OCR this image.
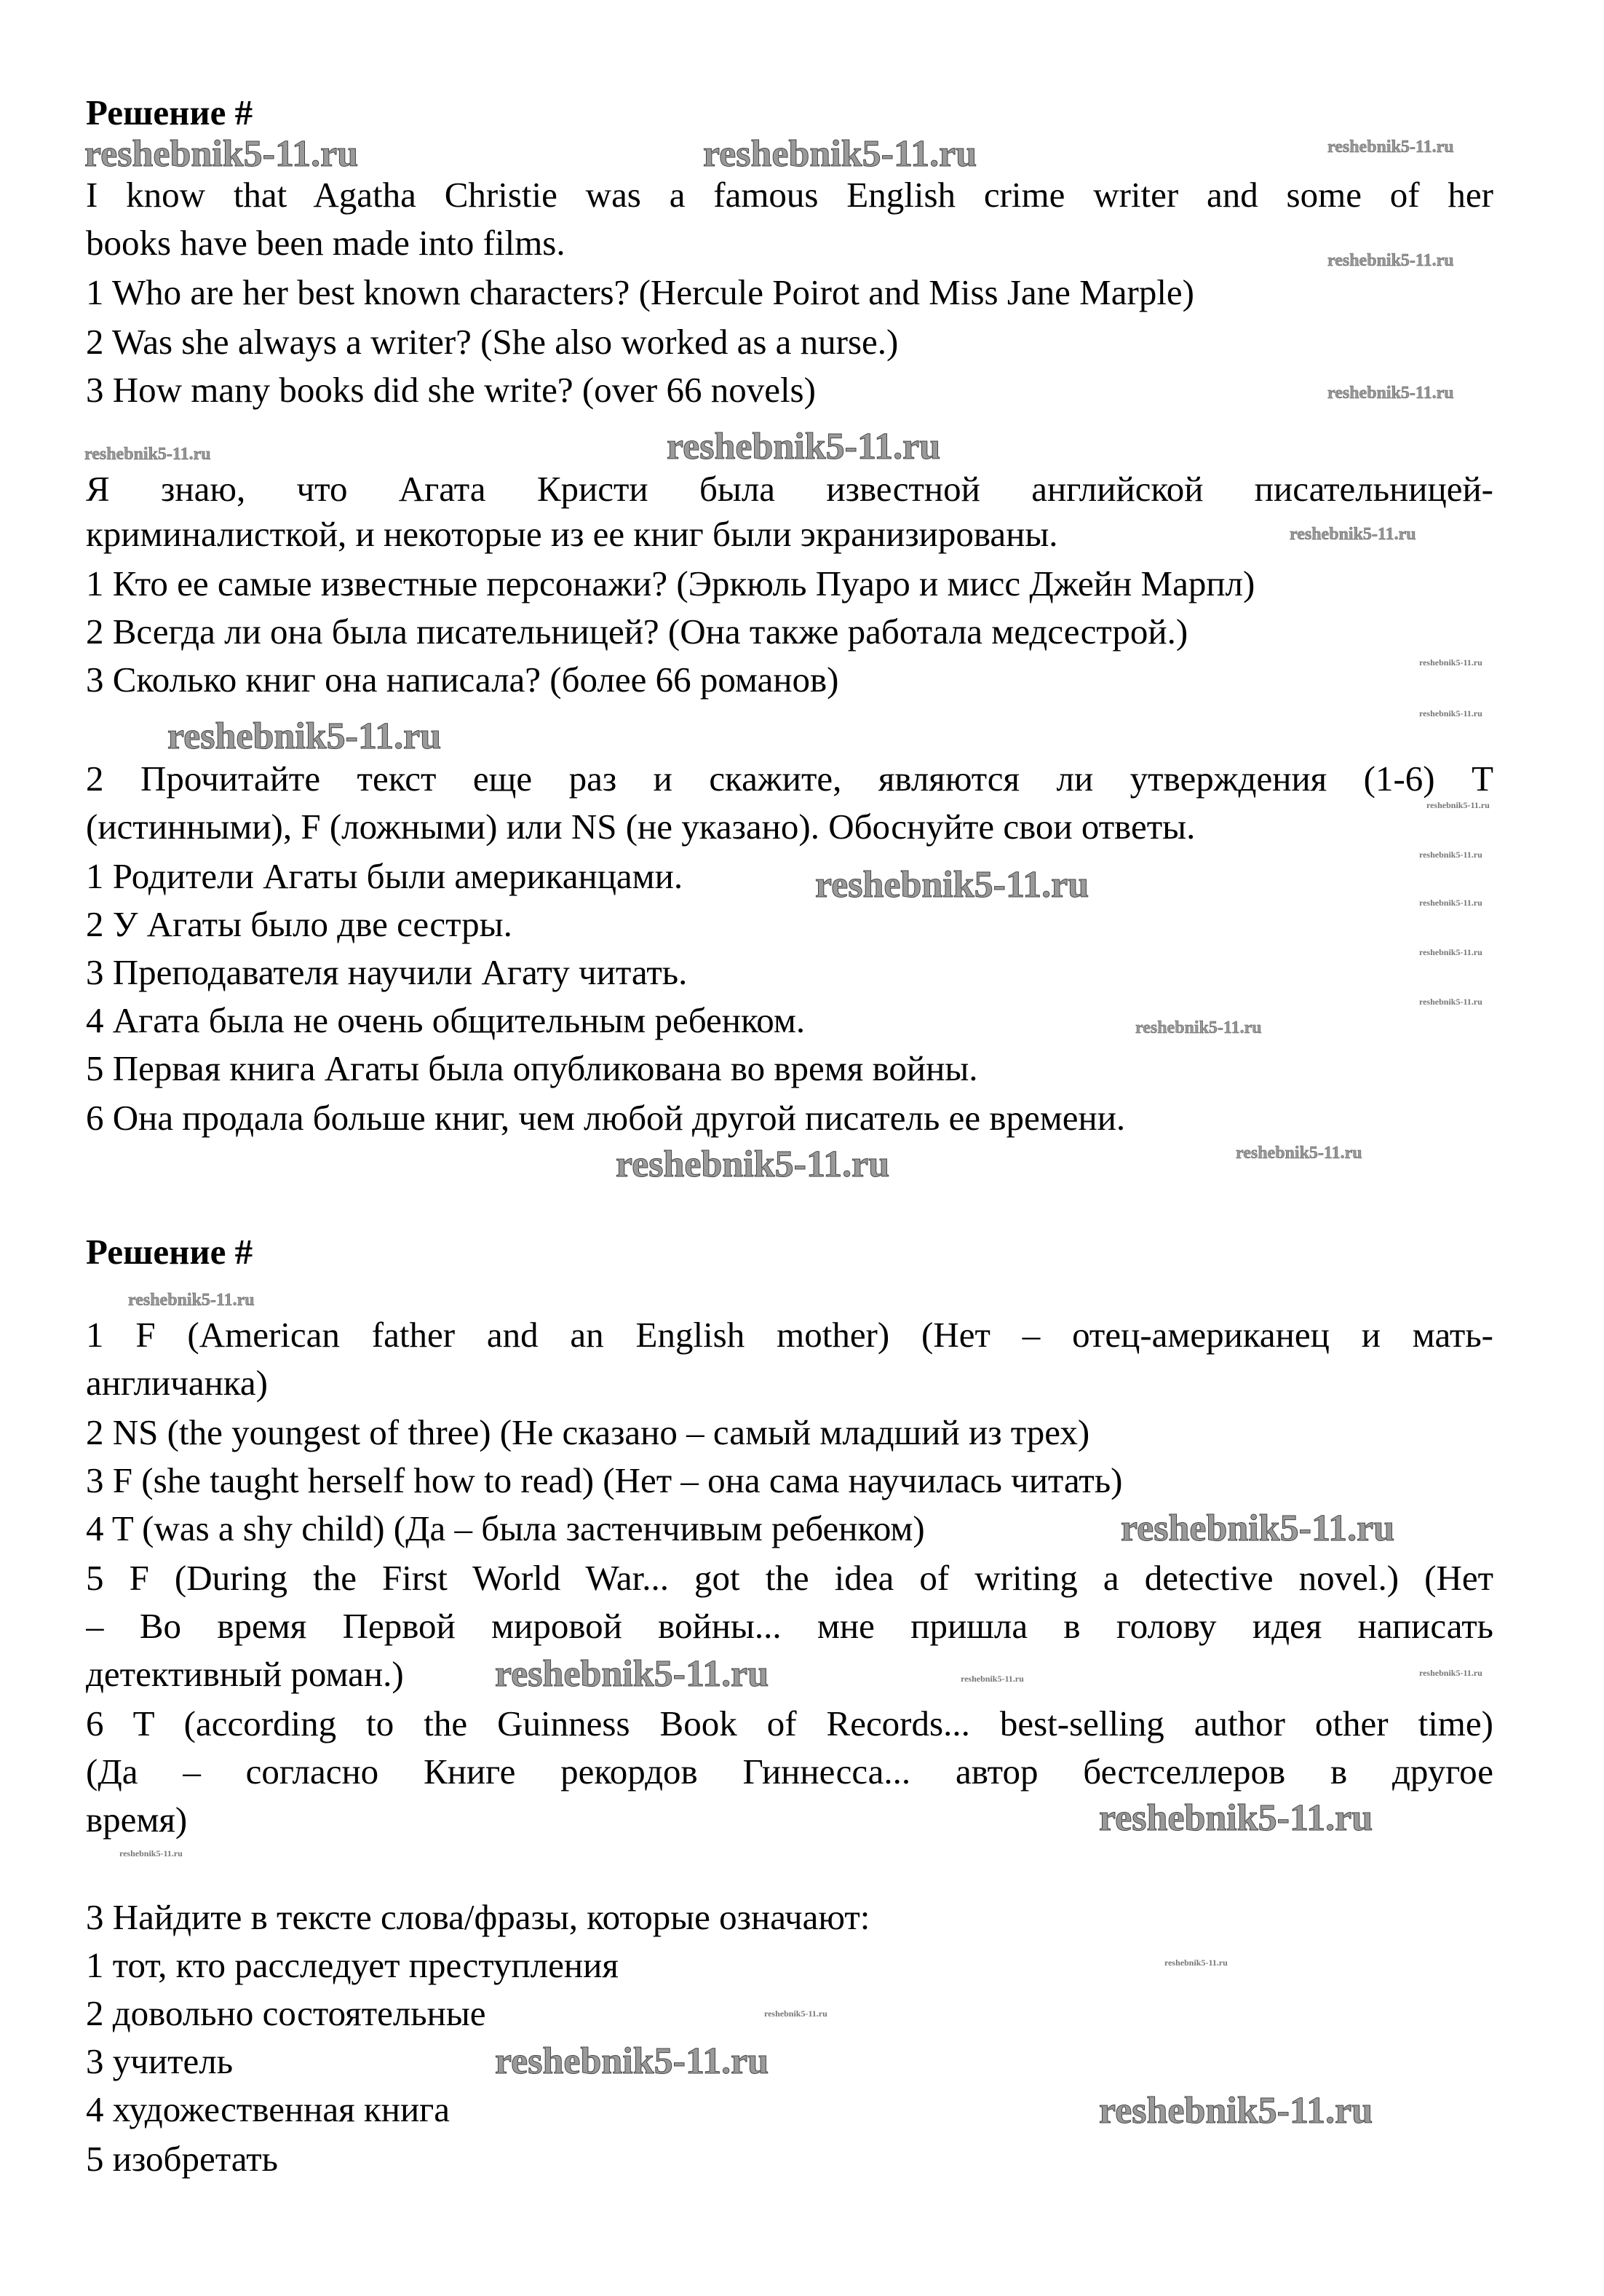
Решение #
I know that Agatha Christie was a famous English crime writer and some of her
books have been made into films.
1 Who are her best known characters? (Hercule Poirot and Miss Jane Marple)
2 Was she always a writer? (She also worked as a nurse.)
3 How many books did she write? (over 66 novels)
Я знаю, что Агата Кристи была известной английской писательницей-
криминалисткой, и некоторые из ее книг были экранизированы.
1 Кто ее самые известные персонажи? (Эркюль Пуаро и мисс Джейн Марпл)
2 Всегда ли она была писательницей? (Она также работала медсестрой.)
3 Сколько книг она написала? (более 66 романов)
2 Прочитайте текст еще раз и скажите, являются ли утверждения (1-6) T
(истинными), F (ложными) или NS (не указано). Обоснуйте свои ответы.
1 Родители Агаты были американцами.
2 У Агаты было две сестры.
3 Преподавателя научили Агату читать.
4 Агата была не очень общительным ребенком.
5 Первая книга Агаты была опубликована во время войны.
6 Она продала больше книг, чем любой другой писатель ее времени.
Решение #
1 F (American father and an English mother) (Нет – отец-американец и мать-
англичанка)
2 NS (the youngest of three) (Не сказано – самый младший из трех)
3 F (she taught herself how to read) (Нет – она сама научилась читать)
4 T (was a shy child) (Да – была застенчивым ребенком)
5 F (During the First World War... got the idea of writing a detective novel.) (Нет
– Во время Первой мировой войны... мне пришла в голову идея написать
детективный роман.)
6 T (according to the Guinness Book of Records... best-selling author other time)
(Да – согласно Книге рекордов Гиннесса... автор бестселлеров в другое
время)
3 Найдите в тексте слова/фразы, которые означают:
1 тот, кто расследует преступления
2 довольно состоятельные
3 учитель
4 художественная книга
5 изобретать
reshebnik5-11.ru	reshebnik5-11.ru	reshebnik5-11.ru
reshebnik5-11.ru
reshebnik5-11.ru
reshebnik5-11.ru	reshebnik5-11.ru
reshebnik5-11.ru
reshebnik5-11.ru
reshebnik5-11.ru
reshebnik5-11.ru
reshebnik5-11.ru
reshebnik5-11.ru
reshebnik5-11.ru	reshebnik5-11.ru
reshebnik5-11.ru
reshebnik5-11.ru
reshebnik5-11.ru
reshebnik5-11.ru
reshebnik5-11.ru
reshebnik5-11.ru
reshebnik5-11.ru
reshebnik5-11.ru
reshebnik5-11.ru	reshebnik5-11.ru
reshebnik5-11.ru
reshebnik5-11.ru
reshebnik5-11.ru
reshebnik5-11.ru
reshebnik5-11.ru
reshebnik5-11.ru
